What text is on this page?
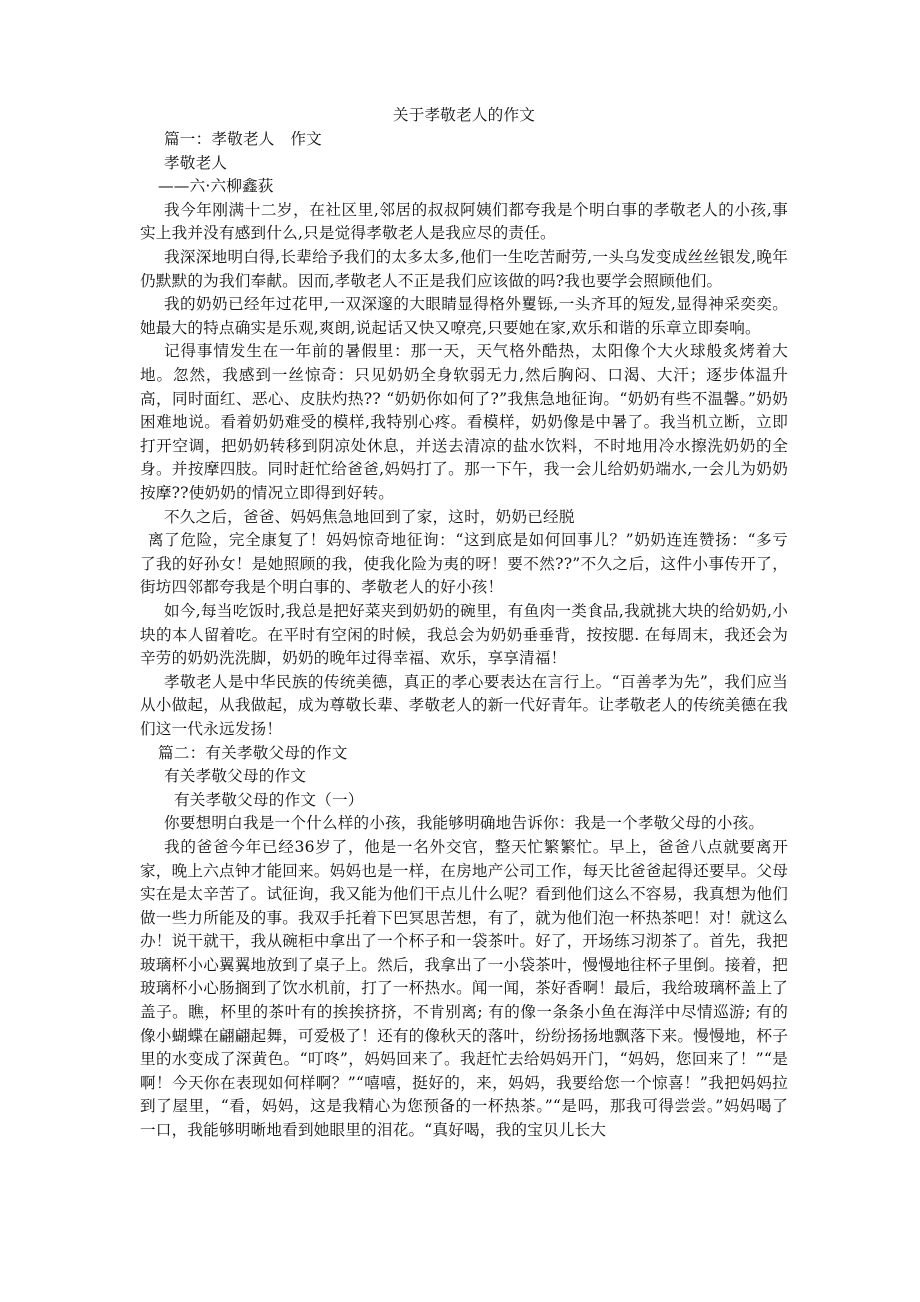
关于孝敬老人的作文

篇一：孝敬老人　作文

孝敬老人

——六·六柳鑫荻

我今年刚满十二岁，在社区里,邻居的叔叔阿姨们都夸我是个明白事的孝敬老人的小孩,事实上我并没有感到什么,只是觉得孝敬老人是我应尽的责任。

我深深地明白得,长辈给予我们的太多太多,他们一生吃苦耐劳,一头乌发变成丝丝银发,晚年仍默默的为我们奉献。因而,孝敬老人不正是我们应该做的吗?我也要学会照顾他们。

我的奶奶已经年过花甲,一双深邃的大眼睛显得格外矍铄,一头齐耳的短发,显得神采奕奕。她最大的特点确实是乐观,爽朗,说起话又快又嘹亮,只要她在家,欢乐和谐的乐章立即奏响。

记得事情发生在一年前的暑假里：那一天，天气格外酷热，太阳像个大火球般炙烤着大地。忽然，我感到一丝惊奇：只见奶奶全身软弱无力,然后胸闷、口渴、大汗；逐步体温升高，同时面红、恶心、皮肤灼热?? “奶奶你如何了?”我焦急地征询。“奶奶有些不温馨。”奶奶困难地说。看着奶奶难受的模样,我特别心疼。看模样，奶奶像是中暑了。我当机立断，立即打开空调，把奶奶转移到阴凉处休息，并送去清凉的盐水饮料，不时地用冷水擦洗奶奶的全身。并按摩四肢。同时赶忙给爸爸,妈妈打了。那一下午，我一会儿给奶奶端水,一会儿为奶奶按摩??使奶奶的情况立即得到好转。

不久之后，爸爸、妈妈焦急地回到了家，这时，奶奶已经脱

离了危险，完全康复了！妈妈惊奇地征询：“这到底是如何回事儿？”奶奶连连赞扬：“多亏了我的好孙女！是她照顾的我，使我化险为夷的呀！要不然??”不久之后，这件小事传开了，街坊四邻都夸我是个明白事的、孝敬老人的好小孩！

如今,每当吃饭时,我总是把好菜夹到奶奶的碗里，有鱼肉一类食品,我就挑大块的给奶奶,小块的本人留着吃。在平时有空闲的时候，我总会为奶奶垂垂背，按按腮. 在每周末，我还会为辛劳的奶奶洗洗脚，奶奶的晚年过得幸福、欢乐，享享清福！

孝敬老人是中华民族的传统美德，真正的孝心要表达在言行上。“百善孝为先”，我们应当从小做起，从我做起，成为尊敬长辈、孝敬老人的新一代好青年。让孝敬老人的传统美德在我们这一代永远发扬！

篇二：有关孝敬父母的作文

有关孝敬父母的作文

有关孝敬父母的作文（一）

你要想明白我是一个什么样的小孩，我能够明确地告诉你：我是一个孝敬父母的小孩。

我的爸爸今年已经36岁了，他是一名外交官，整天忙繁繁忙。早上，爸爸八点就要离开家，晚上六点钟才能回来。妈妈也是一样，在房地产公司工作，每天比爸爸起得还要早。父母实在是太辛苦了。试征询，我又能为他们干点儿什么呢？看到他们这么不容易，我真想为他们做一些力所能及的事。我双手托着下巴冥思苦想，有了，就为他们泡一杯热茶吧！对！就这么办！说干就干，我从碗柜中拿出了一个杯子和一袋茶叶。好了，开场练习沏茶了。首先，我把玻璃杯小心翼翼地放到了桌子上。然后，我拿出了一小袋茶叶，慢慢地往杯子里倒。接着，把玻璃杯小心肠搁到了饮水机前，打了一杯热水。闻一闻，茶好香啊！最后，我给玻璃杯盖上了盖子。瞧，杯里的茶叶有的挨挨挤挤，不肯别离; 有的像一条条小鱼在海洋中尽情巡游; 有的像小蝴蝶在翩翩起舞，可爱极了！还有的像秋天的落叶，纷纷扬扬地飘落下来。慢慢地，杯子里的水变成了深黄色。“叮咚”，妈妈回来了。我赶忙去给妈妈开门，“妈妈，您回来了！”“是啊！今天你在表现如何样啊？”“嘻嘻，挺好的，来，妈妈，我要给您一个惊喜！”我把妈妈拉到了屋里，“看，妈妈，这是我精心为您预备的一杯热茶。”“是吗，那我可得尝尝。”妈妈喝了一口，我能够明晰地看到她眼里的泪花。“真好喝，我的宝贝儿长大
